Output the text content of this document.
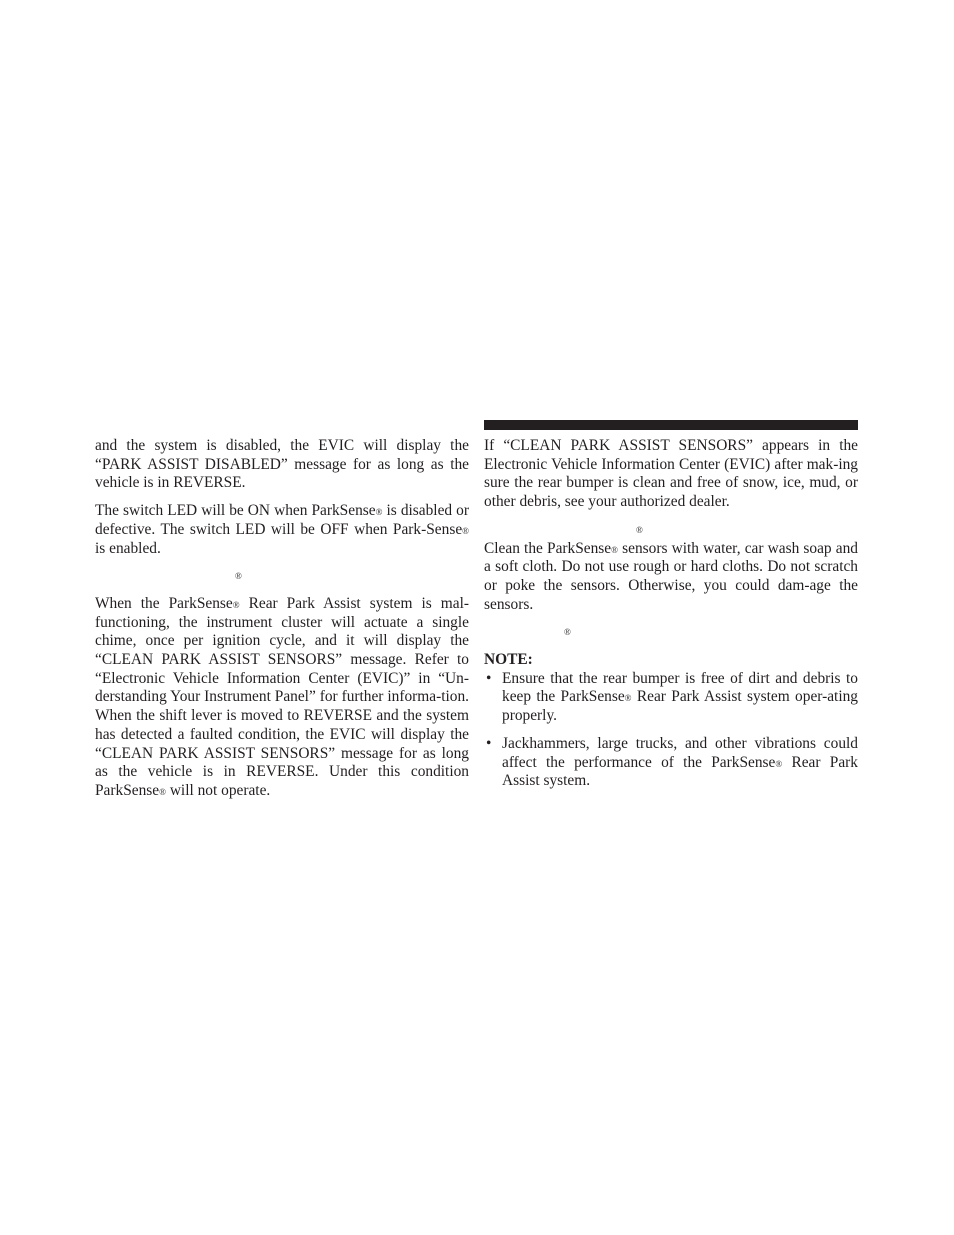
and the system is disabled, the EVIC will display the “PARK ASSIST DISABLED” message for as long as the vehicle is in REVERSE.

The switch LED will be ON when ParkSense® is disabled or defective. The switch LED will be OFF when Park-Sense® is enabled.

®

When the ParkSense® Rear Park Assist system is mal-functioning, the instrument cluster will actuate a single chime, once per ignition cycle, and it will display the “CLEAN PARK ASSIST SENSORS” message. Refer to “Electronic Vehicle Information Center (EVIC)” in “Un-derstanding Your Instrument Panel” for further informa-tion. When the shift lever is moved to REVERSE and the system has detected a faulted condition, the EVIC will display the “CLEAN PARK ASSIST SENSORS” message for as long as the vehicle is in REVERSE. Under this condition ParkSense® will not operate.

If “CLEAN PARK ASSIST SENSORS” appears in the Electronic Vehicle Information Center (EVIC) after mak-ing sure the rear bumper is clean and free of snow, ice, mud, or other debris, see your authorized dealer.

®

Clean the ParkSense® sensors with water, car wash soap and a soft cloth. Do not use rough or hard cloths. Do not scratch or poke the sensors. Otherwise, you could dam-age the sensors.

®

NOTE:

• Ensure that the rear bumper is free of dirt and debris to keep the ParkSense® Rear Park Assist system oper-ating properly.
• Jackhammers, large trucks, and other vibrations could affect the performance of the ParkSense® Rear Park Assist system.
